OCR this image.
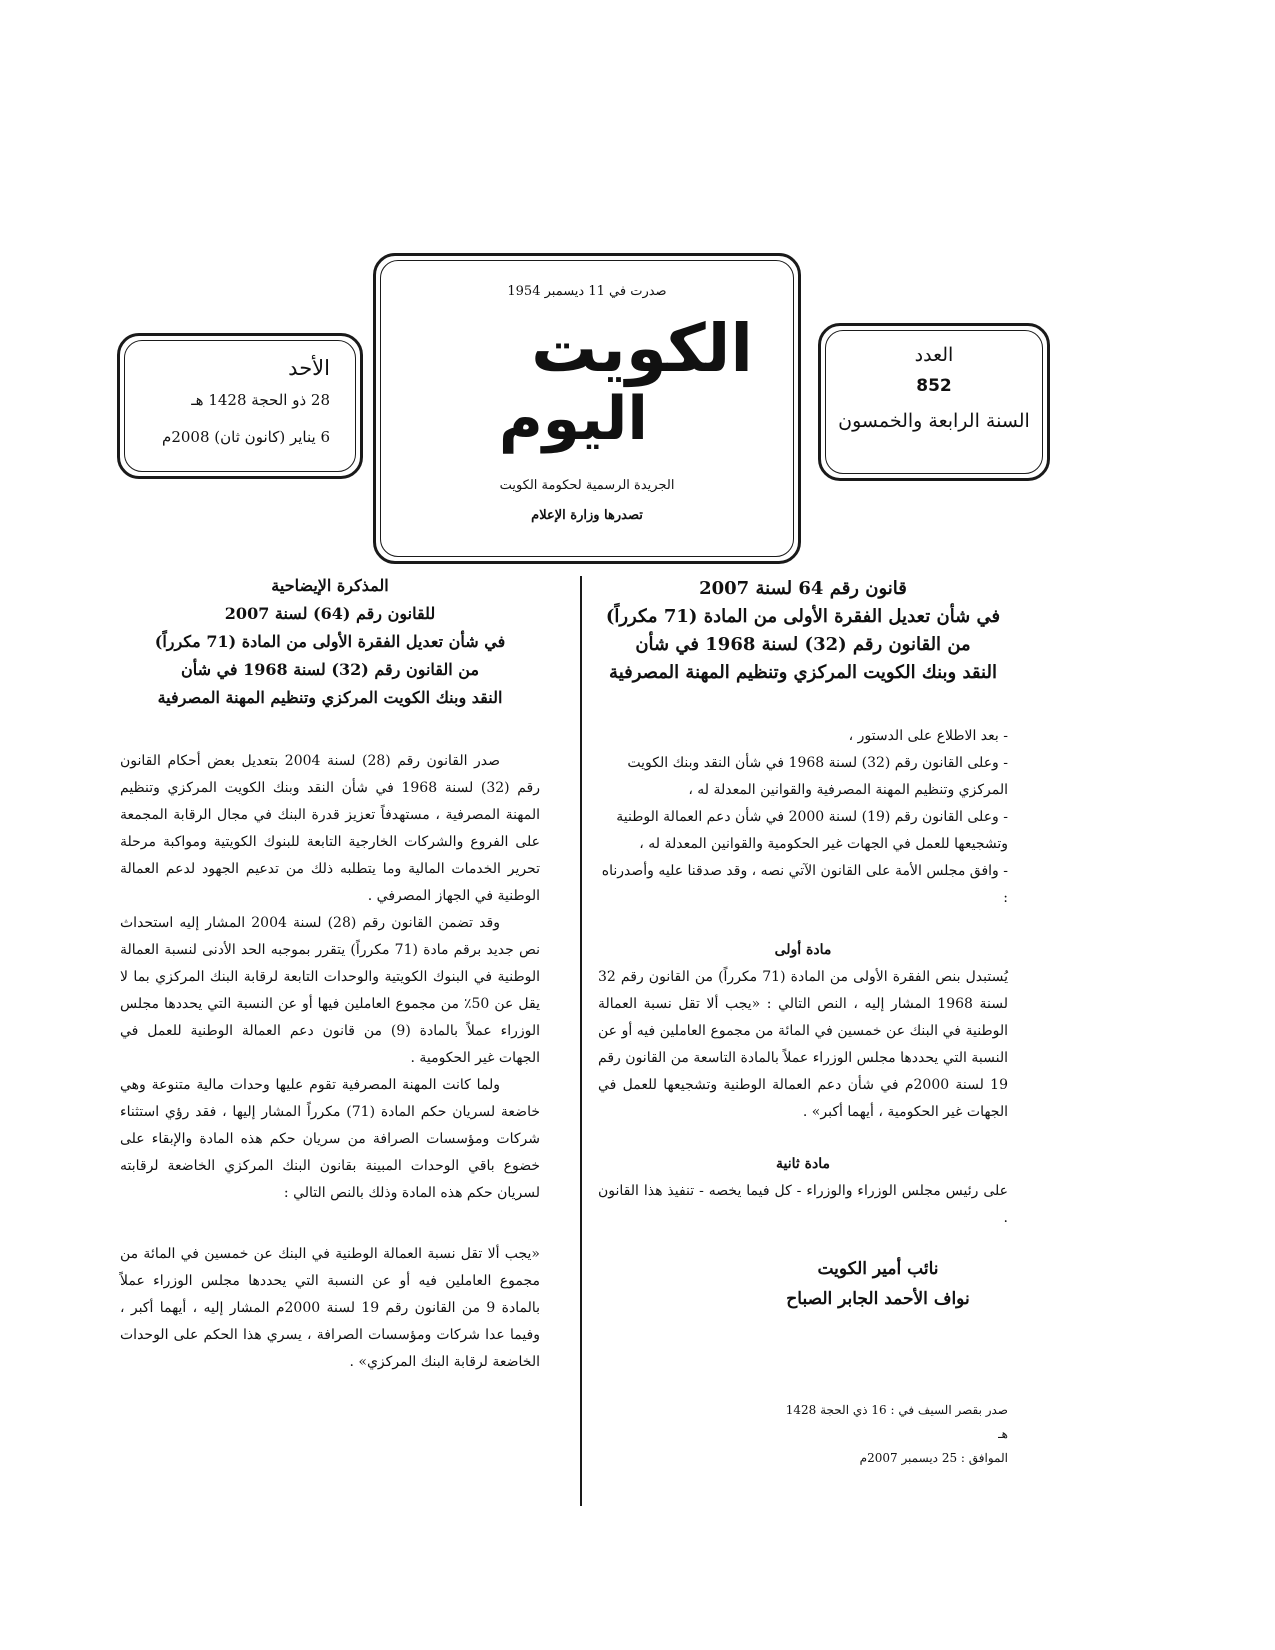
الأحد
28 ذو الحجة 1428 هـ
6 يناير (كانون ثان) 2008م
صدرت في 11 ديسمبر 1954
الكويت
اليوم
الجريدة الرسمية لحكومة الكويت
تصدرها وزارة الإعلام
العدد
852
السنة الرابعة والخمسون
قانون رقم 64 لسنة 2007
في شأن تعديل الفقرة الأولى من المادة (71 مكرراً)
من القانون رقم (32) لسنة 1968 في شأن
النقد وبنك الكويت المركزي وتنظيم المهنة المصرفية

- بعد الاطلاع على الدستور ،

- وعلى القانون رقم (32) لسنة 1968 في شأن النقد وبنك الكويت المركزي وتنظيم المهنة المصرفية والقوانين المعدلة له ،

- وعلى القانون رقم (19) لسنة 2000 في شأن دعم العمالة الوطنية وتشجيعها للعمل في الجهات غير الحكومية والقوانين المعدلة له ،

- وافق مجلس الأمة على القانون الآتي نصه ، وقد صدقنا عليه وأصدرناه :

مادة أولى

يُستبدل بنص الفقرة الأولى من المادة (71 مكرراً) من القانون رقم 32 لسنة 1968 المشار إليه ، النص التالي : «يجب ألا تقل نسبة العمالة الوطنية في البنك عن خمسين في المائة من مجموع العاملين فيه أو عن النسبة التي يحددها مجلس الوزراء عملاً بالمادة التاسعة من القانون رقم 19 لسنة 2000م في شأن دعم العمالة الوطنية وتشجيعها للعمل في الجهات غير الحكومية ، أيهما أكبر» .

مادة ثانية

على رئيس مجلس الوزراء والوزراء - كل فيما يخصه - تنفيذ هذا القانون .

نائب أمير الكويت
نواف الأحمد الجابر الصباح
صدر بقصر السيف في : 16 ذي الحجة 1428 هـ
الموافق : 25 ديسمبر 2007م
المذكرة الإيضاحية
للقانون رقم (64) لسنة 2007
في شأن تعديل الفقرة الأولى من المادة (71 مكرراً)
من القانون رقم (32) لسنة 1968 في شأن
النقد وبنك الكويت المركزي وتنظيم المهنة المصرفية

صدر القانون رقم (28) لسنة 2004 بتعديل بعض أحكام القانون رقم (32) لسنة 1968 في شأن النقد وبنك الكويت المركزي وتنظيم المهنة المصرفية ، مستهدفاً تعزيز قدرة البنك في مجال الرقابة المجمعة على الفروع والشركات الخارجية التابعة للبنوك الكويتية ومواكبة مرحلة تحرير الخدمات المالية وما يتطلبه ذلك من تدعيم الجهود لدعم العمالة الوطنية في الجهاز المصرفي .

وقد تضمن القانون رقم (28) لسنة 2004 المشار إليه استحداث نص جديد برقم مادة (71 مكرراً) يتقرر بموجبه الحد الأدنى لنسبة العمالة الوطنية في البنوك الكويتية والوحدات التابعة لرقابة البنك المركزي بما لا يقل عن 50٪ من مجموع العاملين فيها أو عن النسبة التي يحددها مجلس الوزراء عملاً بالمادة (9) من قانون دعم العمالة الوطنية للعمل في الجهات غير الحكومية .

ولما كانت المهنة المصرفية تقوم عليها وحدات مالية متنوعة وهي خاضعة لسريان حكم المادة (71) مكرراً المشار إليها ، فقد رؤي استثناء شركات ومؤسسات الصرافة من سريان حكم هذه المادة والإبقاء على خضوع باقي الوحدات المبينة بقانون البنك المركزي الخاضعة لرقابته لسريان حكم هذه المادة وذلك بالنص التالي :

«يجب ألا تقل نسبة العمالة الوطنية في البنك عن خمسين في المائة من مجموع العاملين فيه أو عن النسبة التي يحددها مجلس الوزراء عملاً بالمادة 9 من القانون رقم 19 لسنة 2000م المشار إليه ، أيهما أكبر ، وفيما عدا شركات ومؤسسات الصرافة ، يسري هذا الحكم على الوحدات الخاضعة لرقابة البنك المركزي» .
